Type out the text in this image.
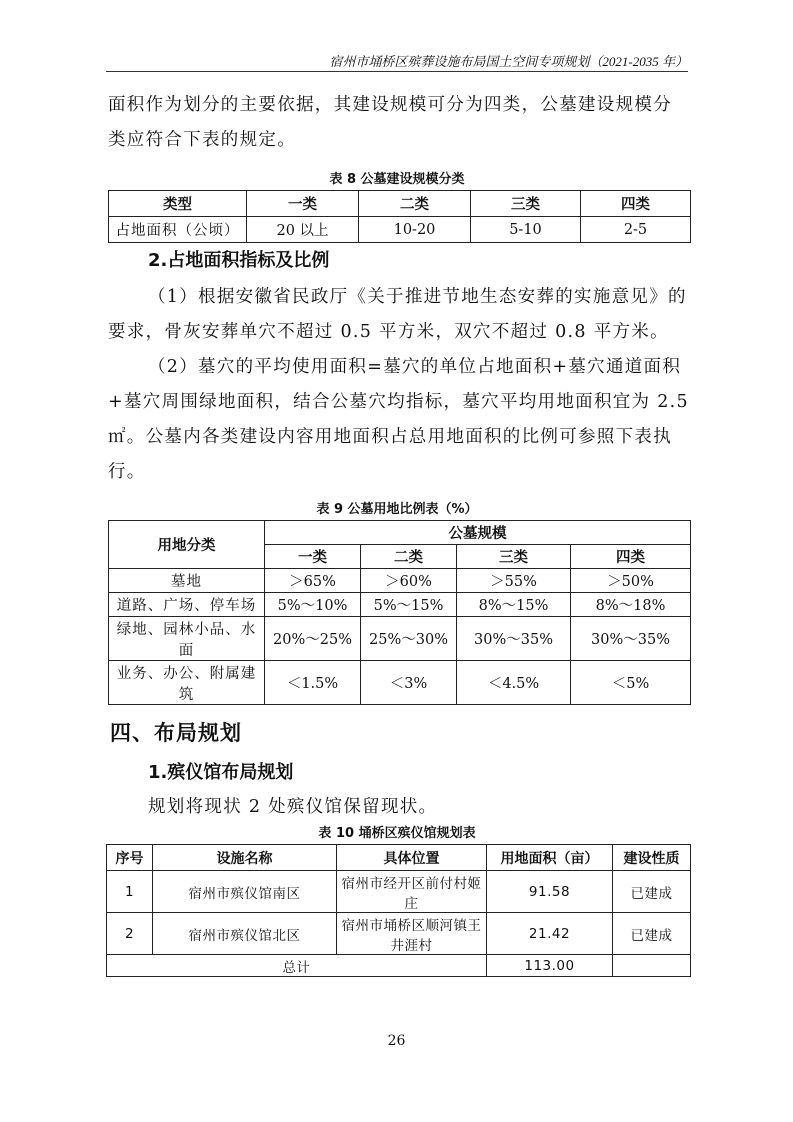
宿州市埇桥区殡葬设施布局国土空间专项规划（2021-2035 年）

面积作为划分的主要依据，其建设规模可分为四类，公墓建设规模分类应符合下表的规定。

表 8 公墓建设规模分类
类型	一类	二类	三类	四类
占地面积（公顷）	20 以上	10-20	5-10	2-5
2.占地面积指标及比例

（1）根据安徽省民政厅《关于推进节地生态安葬的实施意见》的要求，骨灰安葬单穴不超过 0.5 平方米，双穴不超过 0.8 平方米。

（2）墓穴的平均使用面积=墓穴的单位占地面积+墓穴通道面积+墓穴周围绿地面积，结合公墓穴均指标，墓穴平均用地面积宜为 2.5 ㎡。公墓内各类建设内容用地面积占总用地面积的比例可参照下表执行。

表 9 公墓用地比例表（%）
用地分类	公墓规模			
	一类	二类	三类	四类
墓地	＞65%	＞60%	＞55%	＞50%
道路、广场、停车场	5%～10%	5%～15%	8%～15%	8%～18%
绿地、园林小品、水面	20%～25%	25%～30%	30%～35%	30%～35%
业务、办公、附属建筑	＜1.5%	＜3%	＜4.5%	＜5%
四、布局规划
1.殡仪馆布局规划

规划将现状 2 处殡仪馆保留现状。

表 10 埇桥区殡仪馆规划表
序号	设施名称	具体位置	用地面积（亩）	建设性质
1	宿州市殡仪馆南区	宿州市经开区前付村姬庄	91.58	已建成
2	宿州市殡仪馆北区	宿州市埇桥区顺河镇王井涯村	21.42	已建成
总计			113.00	
26
